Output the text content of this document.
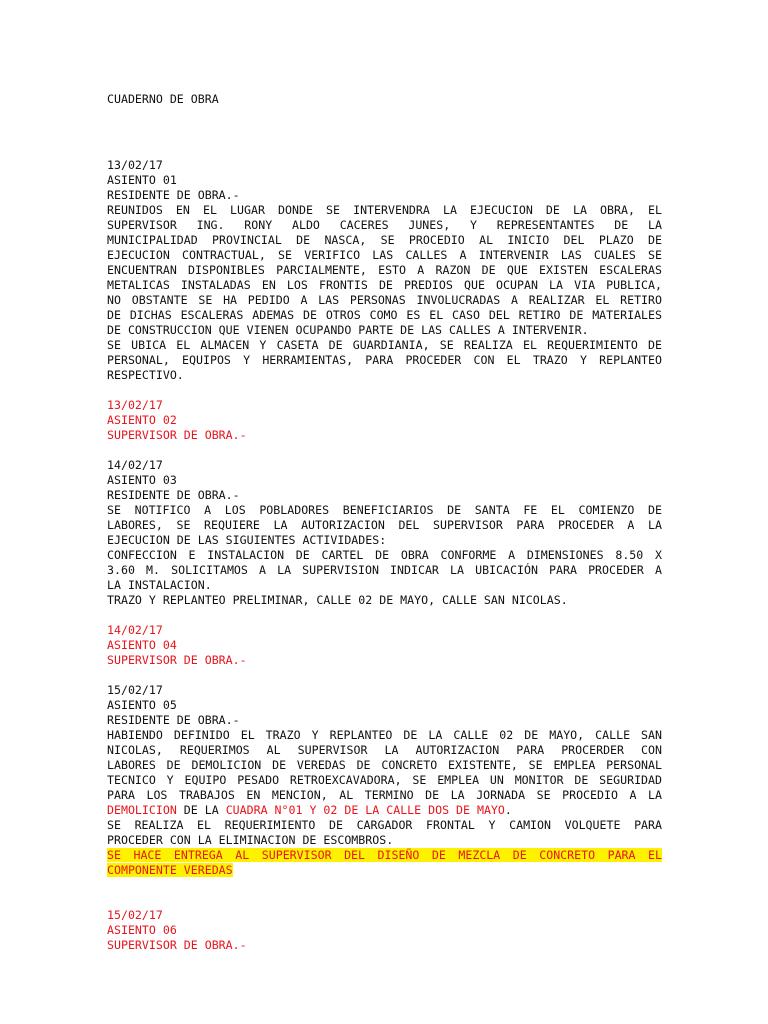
CUADERNO DE OBRA
13/02/17
ASIENTO 01
RESIDENTE DE OBRA.-
REUNIDOS EN EL LUGAR DONDE SE INTERVENDRA LA EJECUCION DE LA OBRA, EL
SUPERVISOR ING. RONY ALDO CACERES JUNES, Y REPRESENTANTES DE LA
MUNICIPALIDAD PROVINCIAL DE NASCA, SE PROCEDIO AL INICIO DEL PLAZO DE
EJECUCION CONTRACTUAL, SE VERIFICO LAS CALLES A INTERVENIR LAS CUALES SE
ENCUENTRAN DISPONIBLES PARCIALMENTE, ESTO A RAZON DE QUE EXISTEN ESCALERAS
METALICAS INSTALADAS EN LOS FRONTIS DE PREDIOS QUE OCUPAN LA VIA PUBLICA,
NO OBSTANTE SE HA PEDIDO A LAS PERSONAS INVOLUCRADAS A REALIZAR EL RETIRO
DE DICHAS ESCALERAS ADEMAS DE OTROS COMO ES EL CASO DEL RETIRO DE MATERIALES
DE CONSTRUCCION QUE VIENEN OCUPANDO PARTE DE LAS CALLES A INTERVENIR.
SE UBICA EL ALMACEN Y CASETA DE GUARDIANIA, SE REALIZA EL REQUERIMIENTO DE
PERSONAL, EQUIPOS Y HERRAMIENTAS, PARA PROCEDER CON EL TRAZO Y REPLANTEO
RESPECTIVO.
13/02/17
ASIENTO 02
SUPERVISOR DE OBRA.-
14/02/17
ASIENTO 03
RESIDENTE DE OBRA.-
SE NOTIFICO A LOS POBLADORES BENEFICIARIOS DE SANTA FE EL COMIENZO DE
LABORES, SE REQUIERE LA AUTORIZACION DEL SUPERVISOR PARA PROCEDER A LA
EJECUCION DE LAS SIGUIENTES ACTIVIDADES:
CONFECCION E INSTALACION DE CARTEL DE OBRA CONFORME A DIMENSIONES 8.50 X
3.60 M. SOLICITAMOS A LA SUPERVISION INDICAR LA UBICACIÓN PARA PROCEDER A
LA INSTALACION.
TRAZO Y REPLANTEO PRELIMINAR, CALLE 02 DE MAYO, CALLE SAN NICOLAS.
14/02/17
ASIENTO 04
SUPERVISOR DE OBRA.-
15/02/17
ASIENTO 05
RESIDENTE DE OBRA.-
HABIENDO DEFINIDO EL TRAZO Y REPLANTEO DE LA CALLE 02 DE MAYO, CALLE SAN
NICOLAS, REQUERIMOS AL SUPERVISOR LA AUTORIZACION PARA PROCERDER CON
LABORES DE DEMOLICION DE VEREDAS DE CONCRETO EXISTENTE, SE EMPLEA PERSONAL
TECNICO Y EQUIPO PESADO RETROEXCAVADORA, SE EMPLEA UN MONITOR DE SEGURIDAD
PARA LOS TRABAJOS EN MENCION, AL TERMINO DE LA JORNADA SE PROCEDIO A LA
DEMOLICION DE LA CUADRA N°01 Y 02 DE LA CALLE DOS DE MAYO.
SE REALIZA EL REQUERIMIENTO DE CARGADOR FRONTAL Y CAMION VOLQUETE PARA
PROCEDER CON LA ELIMINACION DE ESCOMBROS.
SE HACE ENTREGA AL SUPERVISOR DEL DISEÑO DE MEZCLA DE CONCRETO PARA EL
COMPONENTE VEREDAS
15/02/17
ASIENTO 06
SUPERVISOR DE OBRA.-
